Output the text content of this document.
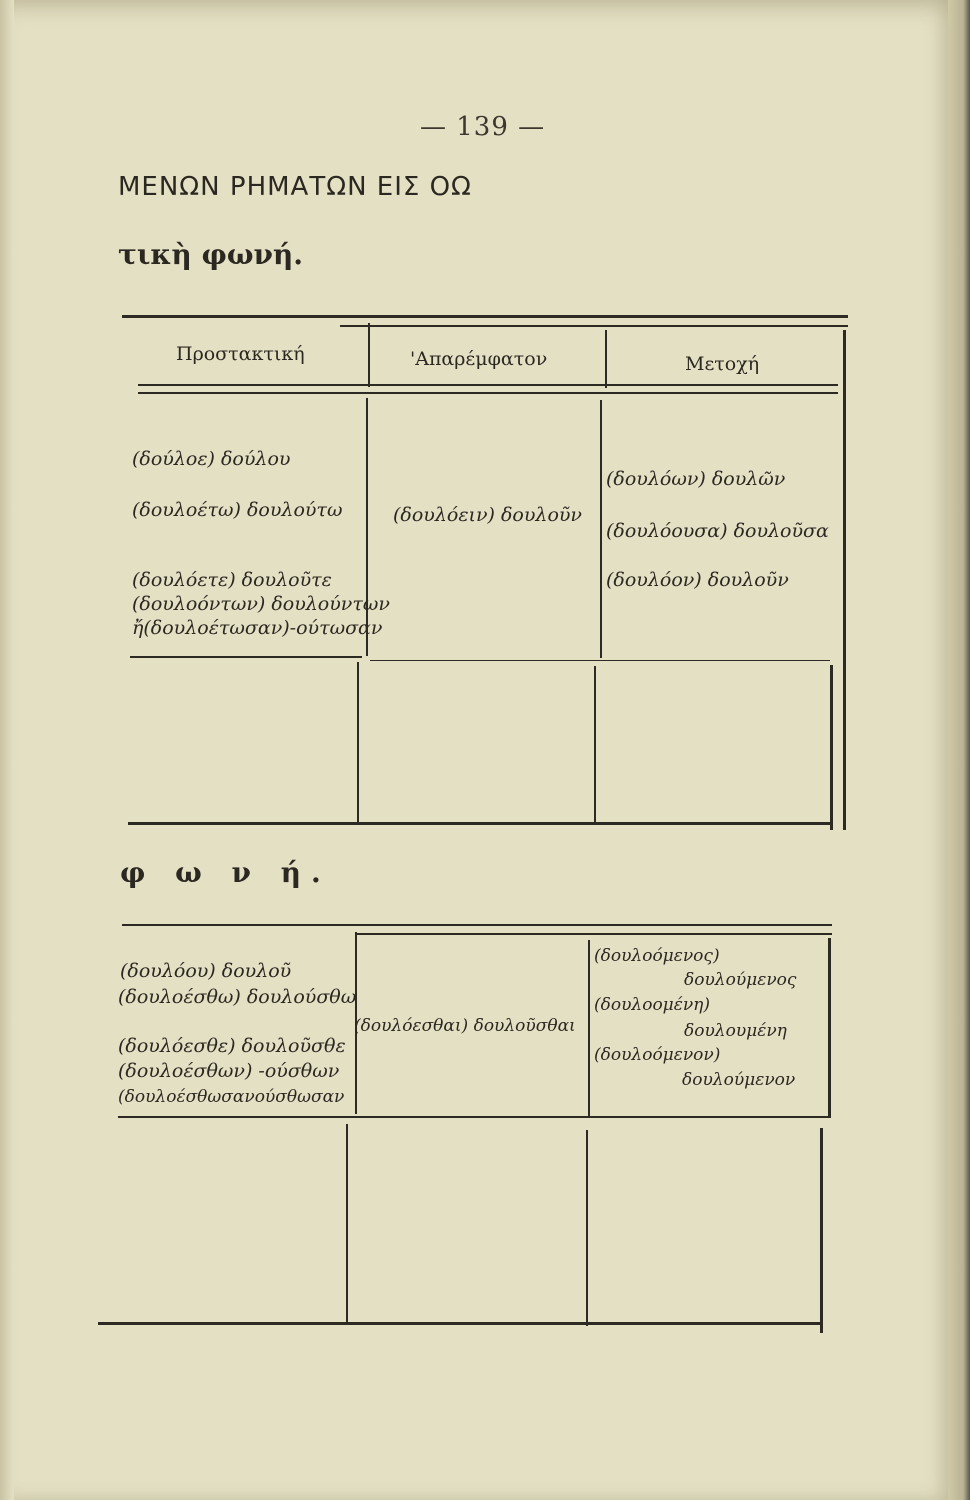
— 139 —
ΜΕΝΩΝ ΡΗΜΑΤΩΝ ΕΙΣ ΟΩ
τικὴ φωνή.
Προστακτική	'Απαρέμφατον	Μετοχή
(δούλοε) δούλου
(δουλοέτω) δουλούτω
(δουλόετε) δουλοῦτε
(δουλοόντων) δουλούντων
ἤ(δουλοέτωσαν)-ούτωσαν
(δουλόειν) δουλοῦν
(δουλόων) δουλῶν
(δουλόουσα) δουλοῦσα
(δουλόον) δουλοῦν
φ ω ν ή.
(δουλόου) δουλοῦ
(δουλοέσθω) δουλούσθω
(δουλόεσθε) δουλοῦσθε
(δουλοέσθων) -ούσθων
(δουλοέσθωσανούσθωσαν
(δουλόεσθαι) δουλοῦσθαι
(δουλοόμενος)
δουλούμενος
(δουλοομένη)
δουλουμένη
(δουλοόμενον)
δουλούμενον
